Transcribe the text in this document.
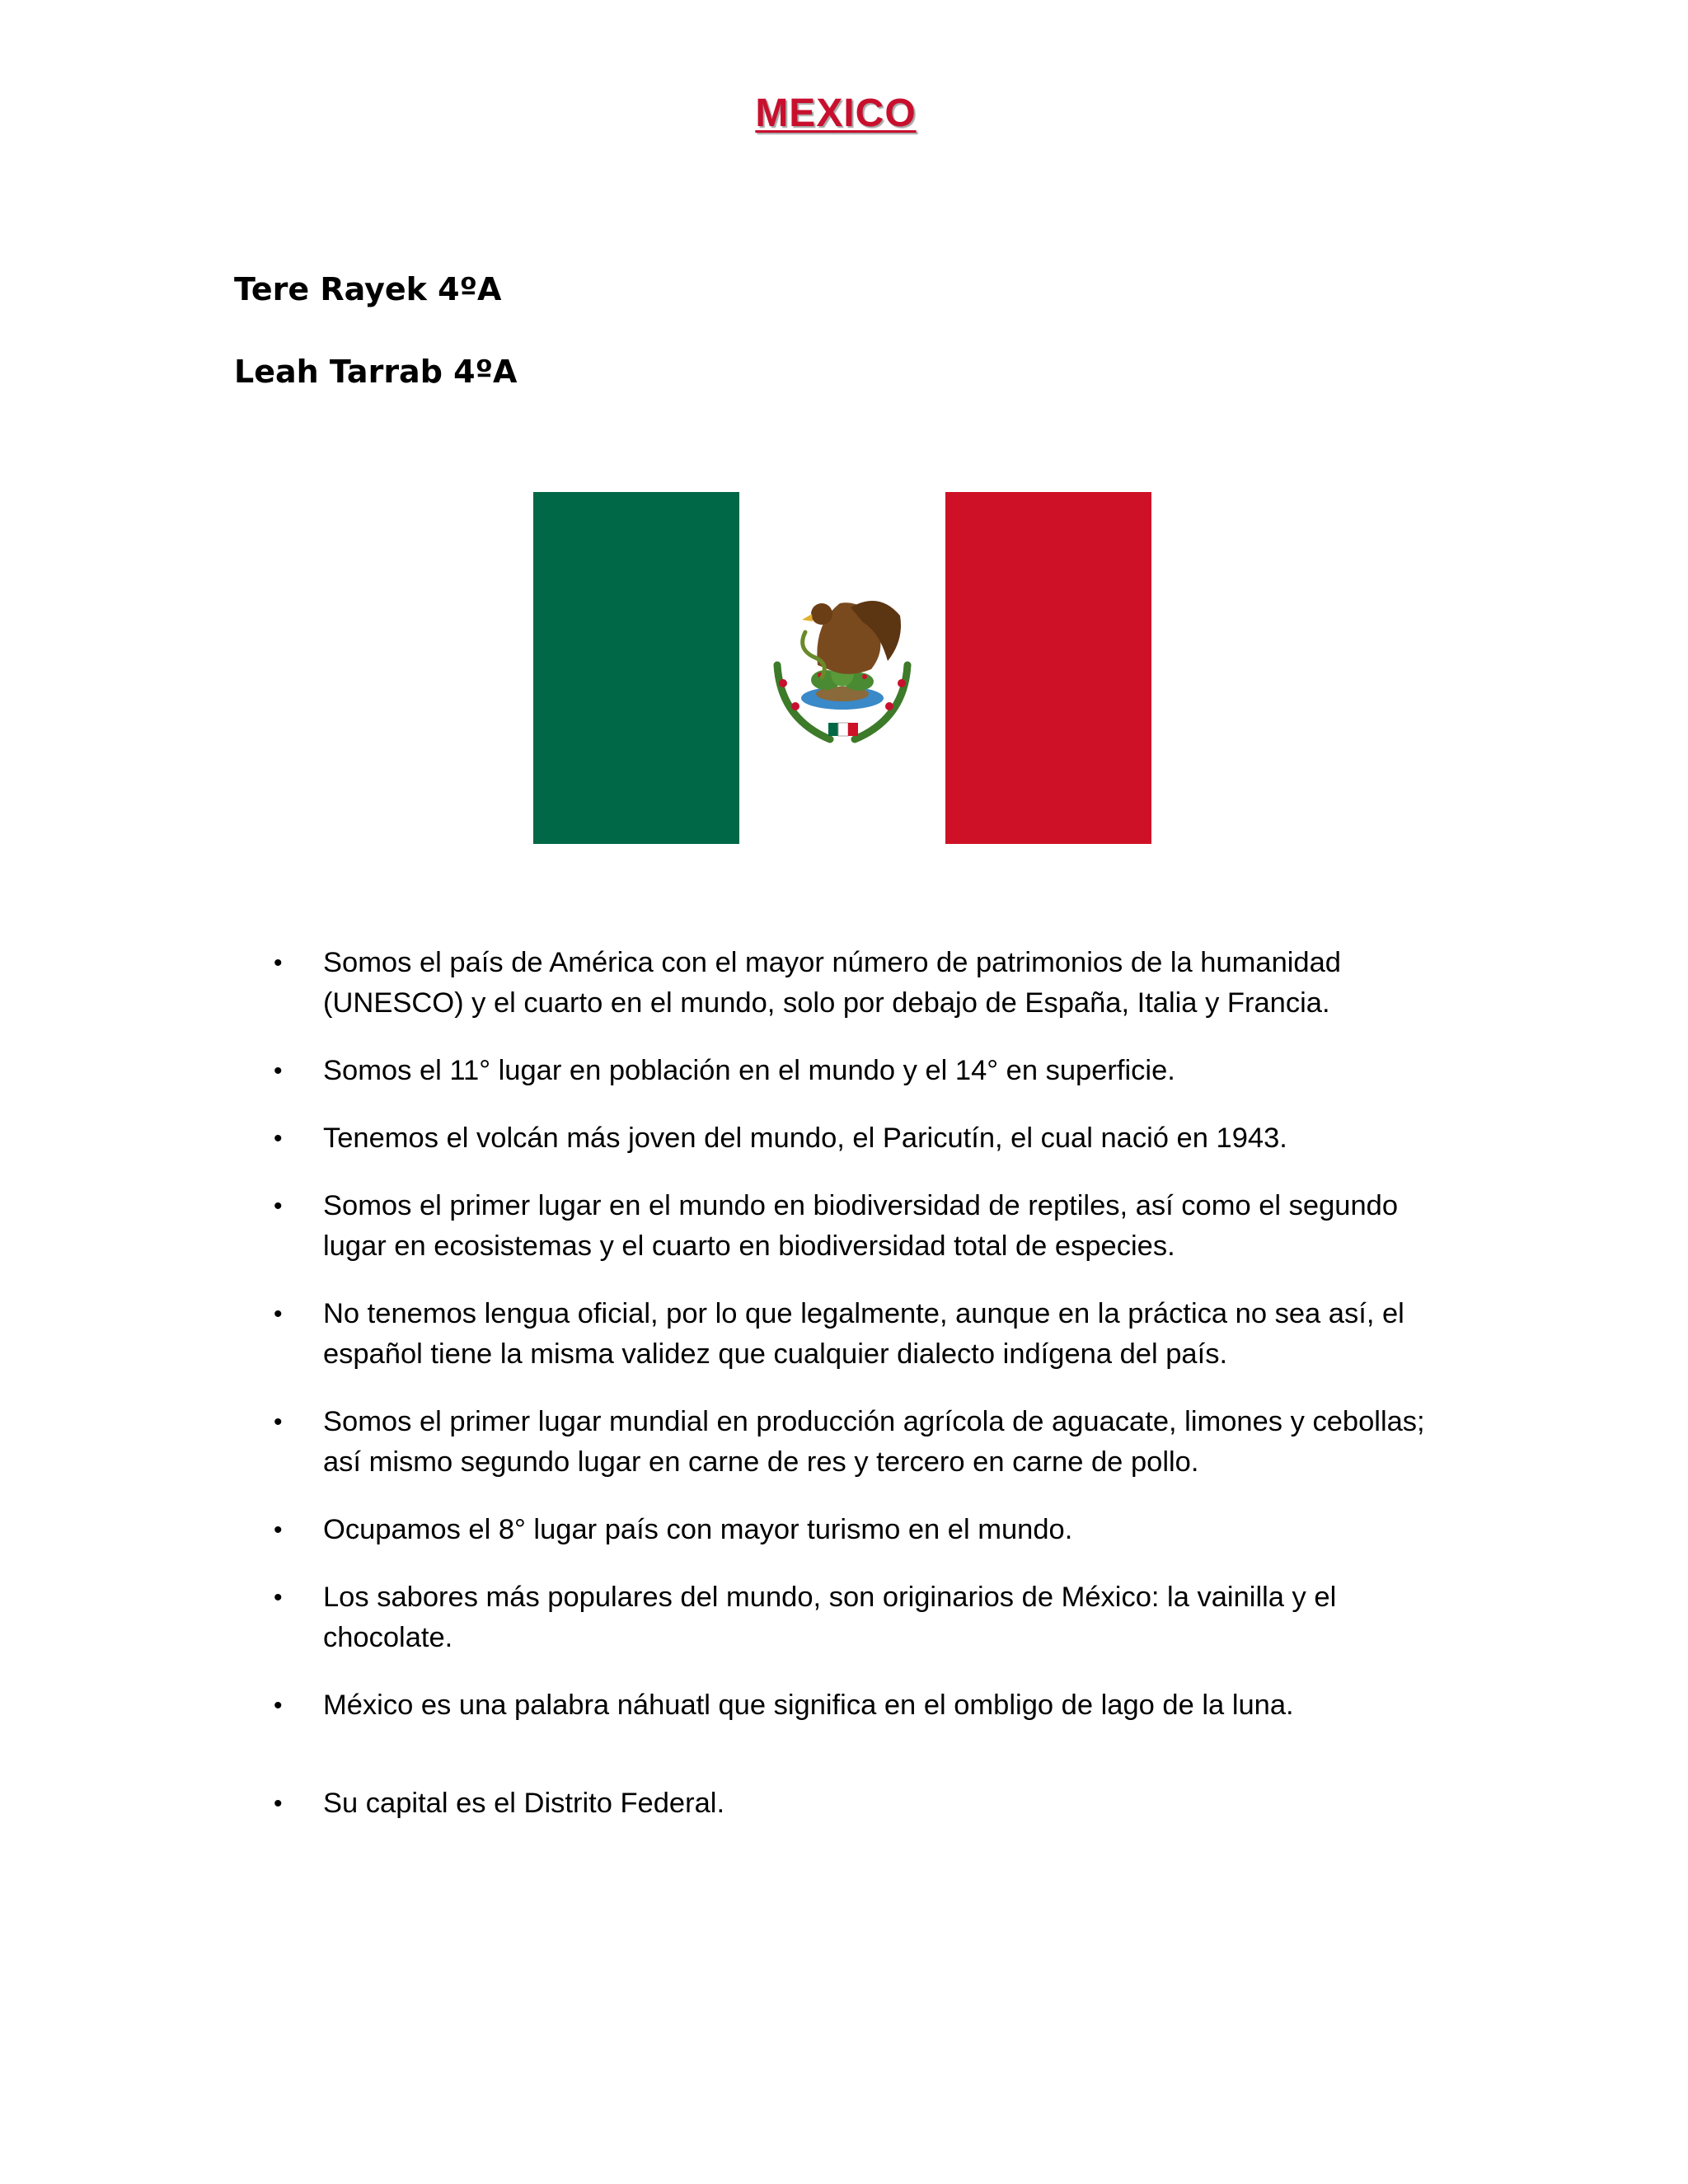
MEXICO

Tere Rayek 4ºA

Leah Tarrab 4ºA

• Somos el país de América con el mayor número de patrimonios de la humanidad (UNESCO) y el cuarto en el mundo, solo por debajo de España, Italia y Francia.
• Somos el 11° lugar en población en el mundo y el 14° en superficie.
• Tenemos el volcán más joven del mundo, el Paricutín, el cual nació en 1943.
• Somos el primer lugar en el mundo en biodiversidad de reptiles, así como el segundo lugar en ecosistemas y el cuarto en biodiversidad total de especies.
• No tenemos lengua oficial, por lo que legalmente, aunque en la práctica no sea así, el español tiene la misma validez que cualquier dialecto indígena del país.
• Somos el primer lugar mundial en producción agrícola de aguacate, limones y cebollas; así mismo segundo lugar en carne de res y tercero en carne de pollo.
• Ocupamos el 8° lugar país con mayor turismo en el mundo.
• Los sabores más populares del mundo, son originarios de México: la vainilla y el chocolate.
• México es una palabra náhuatl que significa en el ombligo de lago de la luna.
• Su capital es el Distrito Federal.
